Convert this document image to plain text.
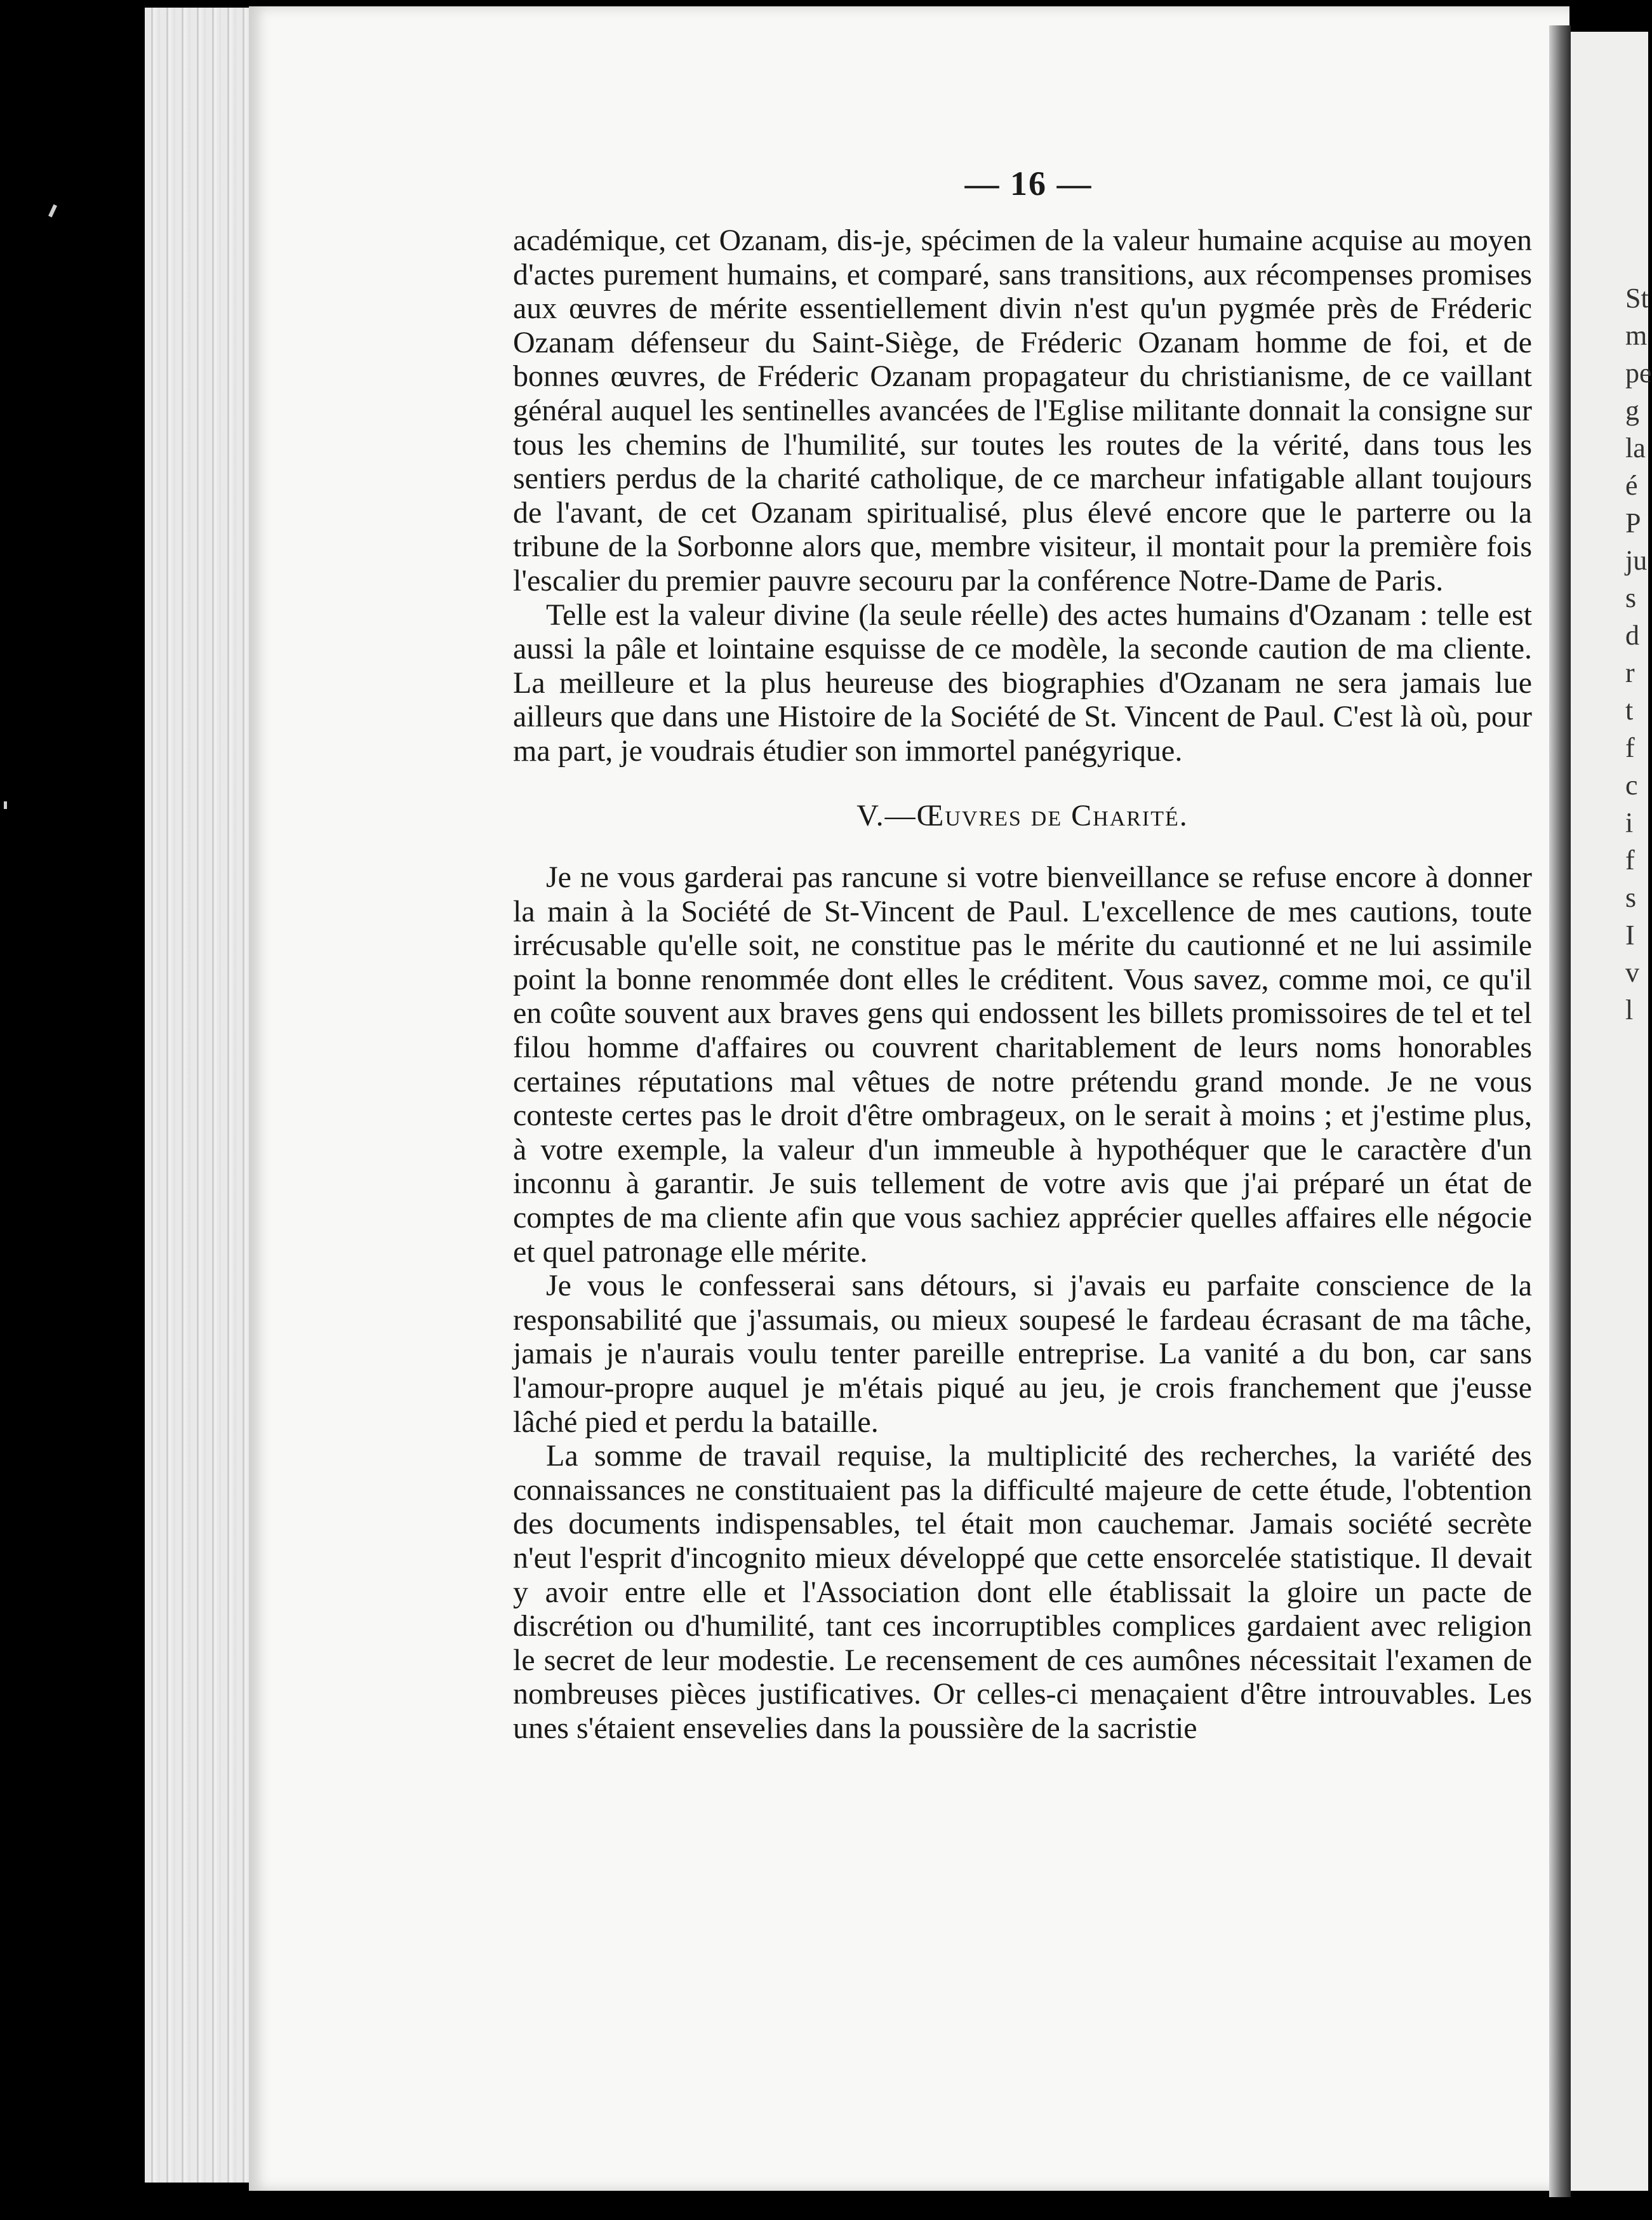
St
m
pe
g
la
é
P
ju
s
d
r
t
f
c
i
f
s
I
v
l
— 16 —

académique, cet Ozanam, dis-je, spécimen de la valeur humaine acquise au moyen d'actes purement humains, et comparé, sans transitions, aux récompenses promises aux œuvres de mérite essentiellement divin n'est qu'un pygmée près de Fréderic Ozanam défenseur du Saint-Siège, de Fréderic Ozanam homme de foi, et de bonnes œuvres, de Fréderic Ozanam propagateur du christianisme, de ce vaillant général auquel les sentinelles avancées de l'Eglise militante donnait la consigne sur tous les chemins de l'humilité, sur toutes les routes de la vérité, dans tous les sentiers perdus de la charité catholique, de ce marcheur infatigable allant toujours de l'avant, de cet Ozanam spiritualisé, plus élevé encore que le parterre ou la tribune de la Sorbonne alors que, membre visiteur, il montait pour la première fois l'escalier du premier pauvre secouru par la conférence Notre-Dame de Paris.

Telle est la valeur divine (la seule réelle) des actes humains d'Ozanam : telle est aussi la pâle et lointaine esquisse de ce modèle, la seconde caution de ma cliente. La meilleure et la plus heureuse des biographies d'Ozanam ne sera jamais lue ailleurs que dans une Histoire de la Société de St. Vincent de Paul. C'est là où, pour ma part, je voudrais étudier son immortel panégyrique.

V.—Œuvres de Charité.

Je ne vous garderai pas rancune si votre bienveillance se refuse encore à donner la main à la Société de St-Vincent de Paul. L'excellence de mes cautions, toute irrécusable qu'elle soit, ne constitue pas le mérite du cautionné et ne lui assimile point la bonne renommée dont elles le créditent. Vous savez, comme moi, ce qu'il en coûte souvent aux braves gens qui endossent les billets promissoires de tel et tel filou homme d'affaires ou couvrent charitablement de leurs noms honorables certaines réputations mal vêtues de notre prétendu grand monde. Je ne vous conteste certes pas le droit d'être ombrageux, on le serait à moins ; et j'estime plus, à votre exemple, la valeur d'un immeuble à hypothéquer que le caractère d'un inconnu à garantir. Je suis tellement de votre avis que j'ai préparé un état de comptes de ma cliente afin que vous sachiez apprécier quelles affaires elle négocie et quel patronage elle mérite.

Je vous le confesserai sans détours, si j'avais eu parfaite conscience de la responsabilité que j'assumais, ou mieux soupesé le fardeau écrasant de ma tâche, jamais je n'aurais voulu tenter pareille entreprise. La vanité a du bon, car sans l'amour-propre auquel je m'étais piqué au jeu, je crois franchement que j'eusse lâché pied et perdu la bataille.

La somme de travail requise, la multiplicité des recherches, la variété des connaissances ne constituaient pas la difficulté majeure de cette étude, l'obtention des documents indispensables, tel était mon cauchemar. Jamais société secrète n'eut l'esprit d'incognito mieux développé que cette ensorcelée statistique. Il devait y avoir entre elle et l'Association dont elle établissait la gloire un pacte de discrétion ou d'humilité, tant ces incorruptibles complices gardaient avec religion le secret de leur modestie. Le recensement de ces aumônes nécessitait l'examen de nombreuses pièces justificatives. Or celles-ci menaçaient d'être introuvables. Les unes s'étaient ensevelies dans la poussière de la sacristie
